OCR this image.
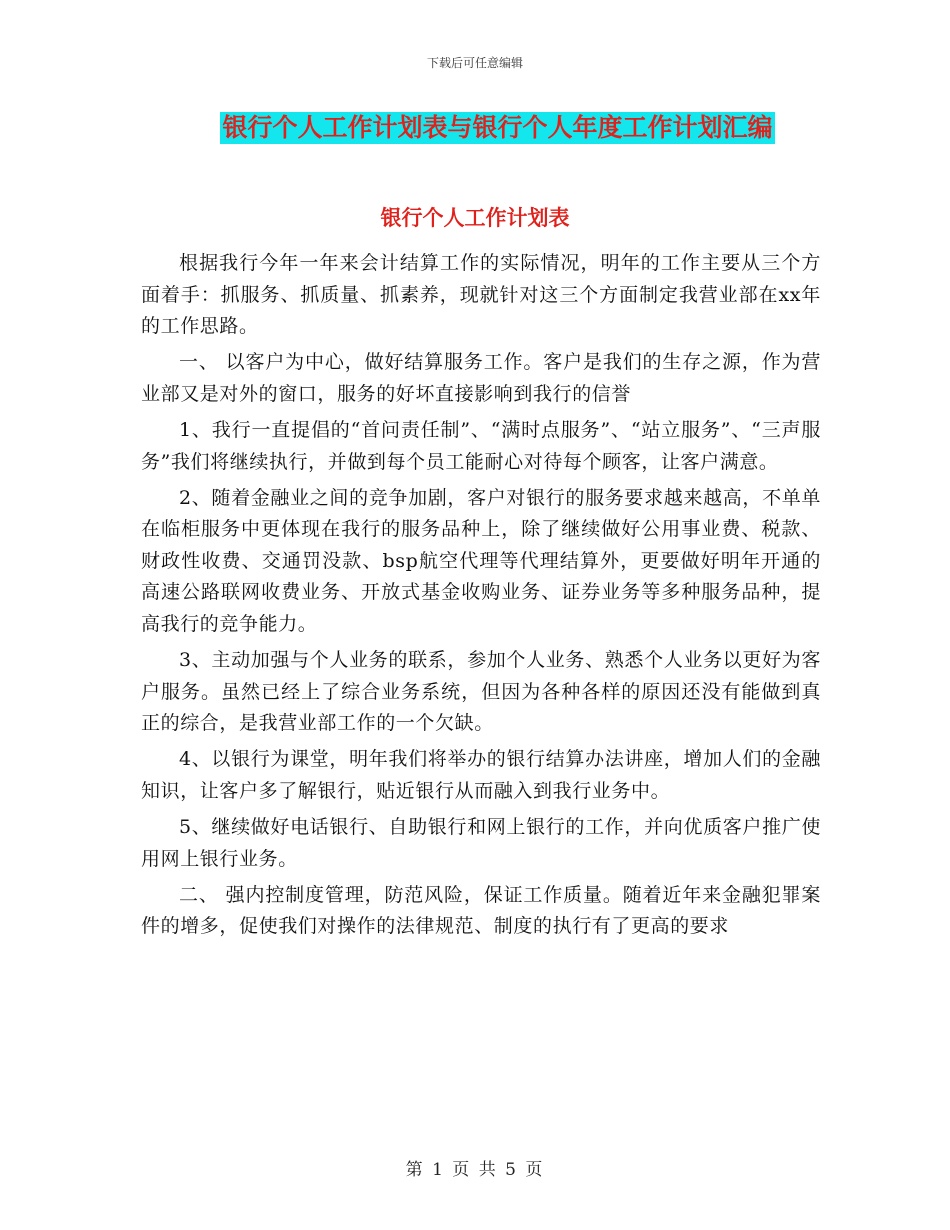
下载后可任意编辑
银行个人工作计划表与银行个人年度工作计划汇编
银行个人工作计划表

根据我行今年一年来会计结算工作的实际情况，明年的工作主要从三个方面着手：抓服务、抓质量、抓素养，现就针对这三个方面制定我营业部在xx年的工作思路。

一、 以客户为中心，做好结算服务工作。客户是我们的生存之源，作为营业部又是对外的窗口，服务的好坏直接影响到我行的信誉

1、我行一直提倡的“首问责任制”、“满时点服务”、“站立服务”、“三声服务”我们将继续执行，并做到每个员工能耐心对待每个顾客，让客户满意。

2、随着金融业之间的竞争加剧，客户对银行的服务要求越来越高，不单单在临柜服务中更体现在我行的服务品种上，除了继续做好公用事业费、税款、财政性收费、交通罚没款、bsp航空代理等代理结算外，更要做好明年开通的高速公路联网收费业务、开放式基金收购业务、证券业务等多种服务品种，提高我行的竞争能力。

3、主动加强与个人业务的联系，参加个人业务、熟悉个人业务以更好为客户服务。虽然已经上了综合业务系统，但因为各种各样的原因还没有能做到真正的综合，是我营业部工作的一个欠缺。

4、以银行为课堂，明年我们将举办的银行结算办法讲座，增加人们的金融知识，让客户多了解银行，贴近银行从而融入到我行业务中。

5、继续做好电话银行、自助银行和网上银行的工作，并向优质客户推广使用网上银行业务。

二、 强内控制度管理，防范风险，保证工作质量。随着近年来金融犯罪案件的增多，促使我们对操作的法律规范、制度的执行有了更高的要求

第 1 页 共 5 页
